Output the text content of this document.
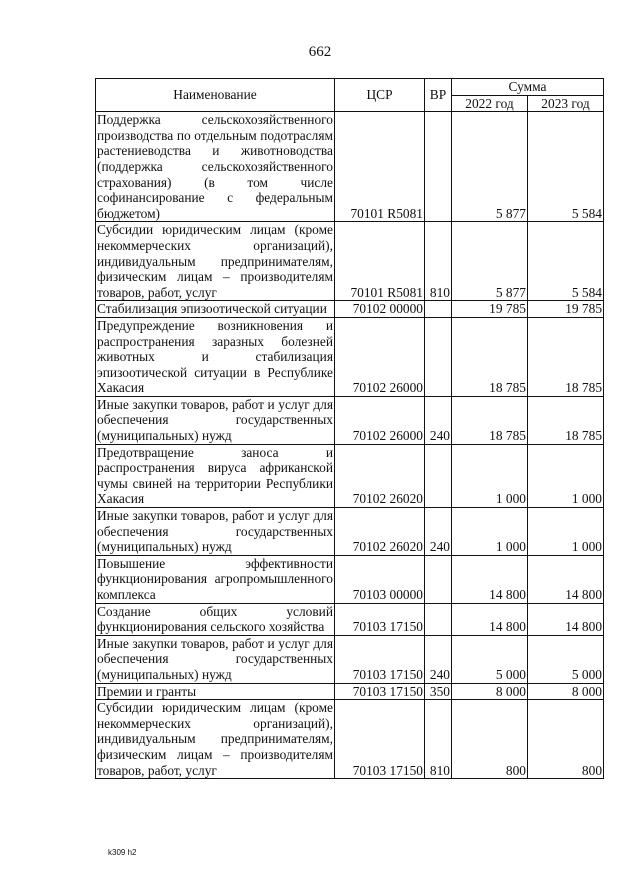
662
Наименование	ЦСР	ВР	Сумма	
			2022 год	2023 год
Поддержка сельскохозяйственного производства по отдельным подотраслям растениеводства и животноводства (поддержка сельскохозяйственного страхования) (в том числе софинансирование с федеральным бюджетом)	70101 R5081		5 877	5 584
Субсидии юридическим лицам (кроме некоммерческих организаций), индивидуальным предпринимателям, физическим лицам – производителям товаров, работ, услуг	70101 R5081	810	5 877	5 584
Стабилизация эпизоотической ситуации	70102 00000		19 785	19 785
Предупреждение возникновения и распространения заразных болезней животных и стабилизация эпизоотической ситуации в Республике Хакасия	70102 26000		18 785	18 785
Иные закупки товаров, работ и услуг для обеспечения государственных (муниципальных) нужд	70102 26000	240	18 785	18 785
Предотвращение заноса и распространения вируса африканской чумы свиней на территории Республики Хакасия	70102 26020		1 000	1 000
Иные закупки товаров, работ и услуг для обеспечения государственных (муниципальных) нужд	70102 26020	240	1 000	1 000
Повышение эффективности функционирования агропромышленного комплекса	70103 00000		14 800	14 800
Создание общих условий функционирования сельского хозяйства	70103 17150		14 800	14 800
Иные закупки товаров, работ и услуг для обеспечения государственных (муниципальных) нужд	70103 17150	240	5 000	5 000
Премии и гранты	70103 17150	350	8 000	8 000
Субсидии юридическим лицам (кроме некоммерческих организаций), индивидуальным предпринимателям, физическим лицам – производителям товаров, работ, услуг	70103 17150	810	800	800
k309 h2
